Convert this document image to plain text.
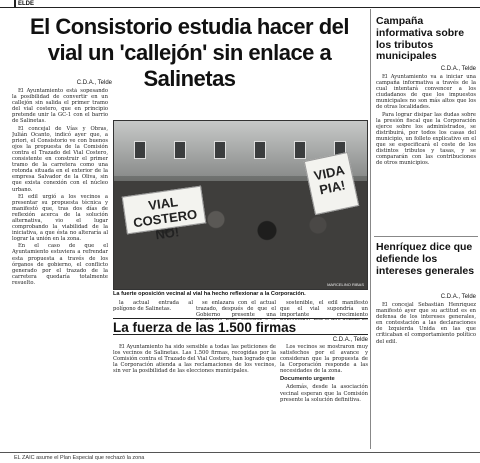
ELDE
El Consistorio estudia hacer del vial un 'callejón' sin enlace a Salinetas
C.D.A., Telde

El Ayuntamiento está sopesando la posibilidad de convertir en un callejón sin salida el primer tramo del vial costero, que en principio pretende unir la GC-1 con el barrio de Salinetas.

El concejal de Vías y Obras, Julián Ocanto, indicó ayer que, a priori, el Consistorio ve con buenos ojos la propuesta de la Comisión contra el Trazado del Vial Costero, consistente en construir el primer tramo de la carretera como una rotonda situada en el exterior de la empresa Salvador de la Oliva, sin que exista conexión con el núcleo urbano.

El edil urgió a los vecinos a presentar su propuesta técnica y manifestó que, tras dos días de reflexión acerca de la solución alternativa, vio el lugar comprobando la viabilidad de la iniciativa, a que ésta no alteraría al lograr la unión en la zona.

En el caso de que el Ayuntamiento estuviera a refrendar esta propuesta a través de los órganos de gobierno, el conflicto generado por el trazado de la carretera quedaría totalmente resuelto.

VIAL COSTERO NO!
VIDA PIA!
MARCELINO RIBAS
La fuerte oposición vecinal al vial ha hecho reflexionar a la Corporación.

la actual entrada al polígono de Salinetas.

se enlazara con el actual trazado, después de que el Gobierno presente una

sostenible, el edil manifestó que el vial supondría un importante crecimiento

La fuerza de las 1.500 firmas
C.D.A., Telde

El Ayuntamiento ha sido sensible a todas las peticiones de los vecinos de Salinetas. Las 1.500 firmas, recogidas por la Comisión contra el Trazado del Vial Costero, han logrado que la Corporación atienda a las reclamaciones de los vecinos, sin ver la posibilidad de las elecciones municipales.

Los vecinos se mostraron muy satisfechos por el avance y consideran que la propuesta de la Corporación responde a las necesidades de la zona.

Documento urgente

Además, desde la asociación vecinal esperan que la Comisión presente la solución definitiva.

Campaña informativa sobre los tributos municipales
C.D.A., Telde

El Ayuntamiento va a iniciar una campaña informativa a través de la cual intentará convencer a los ciudadanos de que los impuestos municipales no son más altos que los de otras localidades.

Para lograr disipar las dudas sobre la presión fiscal que la Corporación ejerce sobre los administrados, se distribuirá, por todos los casas del municipio, un folleto explicativo en el que se especificará el coste de los distintos tributos y tasas, y se compararán con las contribuciones de otros municipios.

Henríquez dice que defiende los intereses generales
C.D.A., Telde

El concejal Sebastián Henríquez manifestó ayer que su actitud es en defensa de los intereses generales, en contestación a las declaraciones de Izquierda Unida en las que criticaban el comportamiento político del edil.

EL ZAIC asume el Plan Especial que rechazó la zona
